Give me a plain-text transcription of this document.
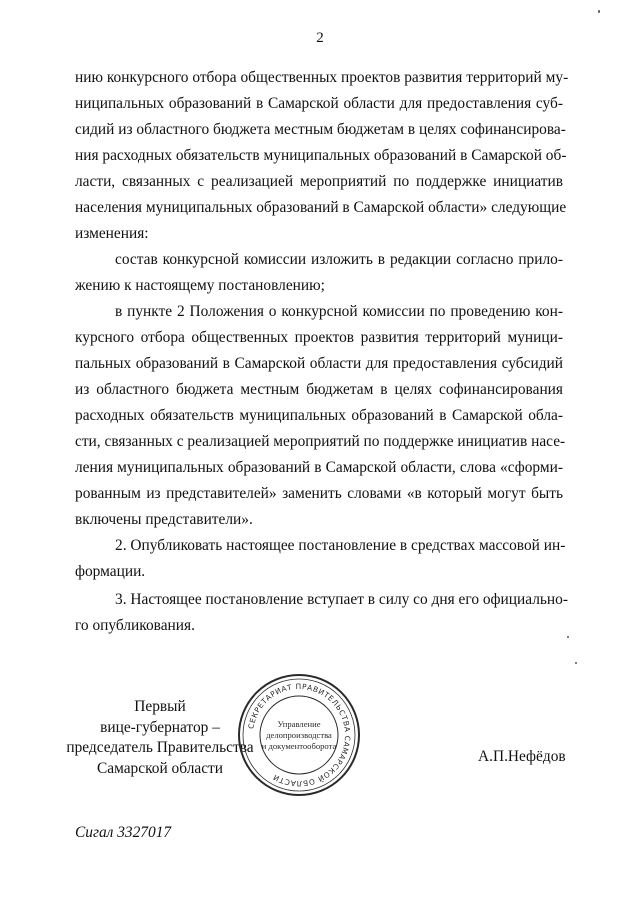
2
нию конкурсного отбора общественных проектов развития территорий му-
ниципальных образований в Самарской области для предоставления суб-
сидий из областного бюджета местным бюджетам в целях софинансирова-
ния расходных обязательств муниципальных образований в Самарской об-
ласти, связанных с реализацией мероприятий по поддержке инициатив
населения муниципальных образований в Самарской области» следующие
изменения:
состав конкурсной комиссии изложить в редакции согласно прило-
жению к настоящему постановлению;
в пункте 2 Положения о конкурсной комиссии по проведению кон-
курсного отбора общественных проектов развития территорий муници-
пальных образований в Самарской области для предоставления субсидий
из областного бюджета местным бюджетам в целях софинансирования
расходных обязательств муниципальных образований в Самарской обла-
сти, связанных с реализацией мероприятий по поддержке инициатив насе-
ления муниципальных образований в Самарской области, слова «сформи-
рованным из представителей» заменить словами «в который могут быть
включены представители».
2. Опубликовать настоящее постановление в средствах массовой ин-
формации.
3. Настоящее постановление вступает в силу со дня его официально-
го опубликования.
Первый
вице-губернатор –
председатель Правительства
Самарской области
СЕКРЕТАРИАТ ПРАВИТЕЛЬСТВА САМАРСКОЙ ОБЛАСТИ
Управление
делопроизводства
и документооборота
А.П.Нефёдов
Сигал 3327017
